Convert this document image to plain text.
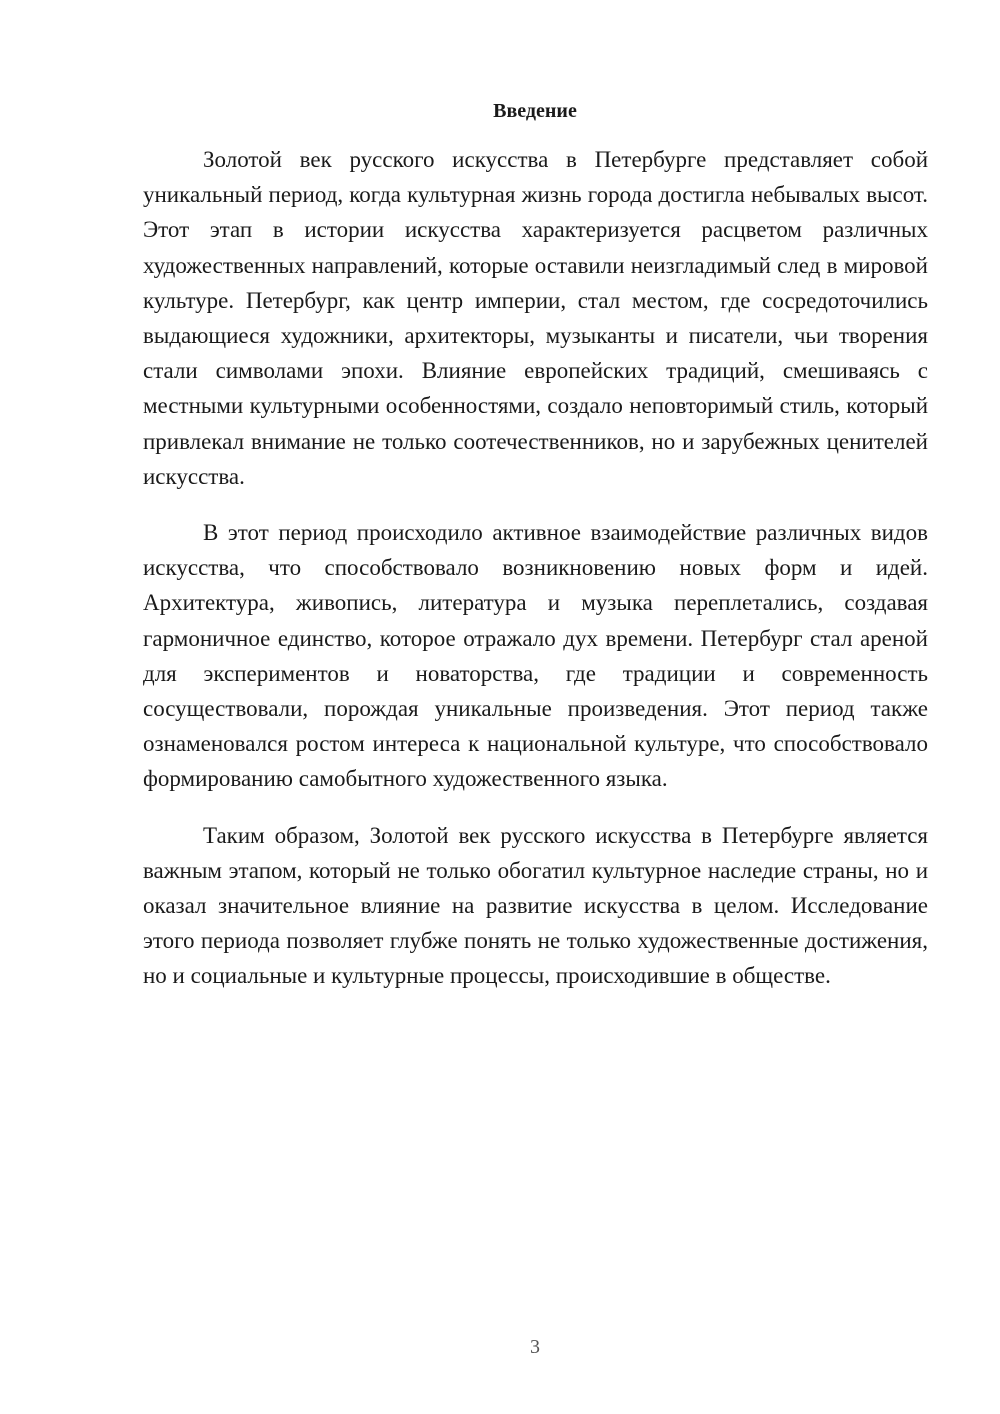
Введение

Золотой век русского искусства в Петербурге представляет собой уникальный период, когда культурная жизнь города достигла небывалых высот. Этот этап в истории искусства характеризуется расцветом различных художественных направлений, которые оставили неизгладимый след в мировой культуре. Петербург, как центр империи, стал местом, где сосредоточились выдающиеся художники, архитекторы, музыканты и писатели, чьи творения стали символами эпохи. Влияние европейских традиций, смешиваясь с местными культурными особенностями, создало неповторимый стиль, который привлекал внимание не только соотечественников, но и зарубежных ценителей искусства.

В этот период происходило активное взаимодействие различных видов искусства, что способствовало возникновению новых форм и идей. Архитектура, живопись, литература и музыка переплетались, создавая гармоничное единство, которое отражало дух времени. Петербург стал ареной для экспериментов и новаторства, где традиции и современность сосуществовали, порождая уникальные произведения. Этот период также ознаменовался ростом интереса к национальной культуре, что способствовало формированию самобытного художественного языка.

Таким образом, Золотой век русского искусства в Петербурге является важным этапом, который не только обогатил культурное наследие страны, но и оказал значительное влияние на развитие искусства в целом. Исследование этого периода позволяет глубже понять не только художественные достижения, но и социальные и культурные процессы, происходившие в обществе.

3
